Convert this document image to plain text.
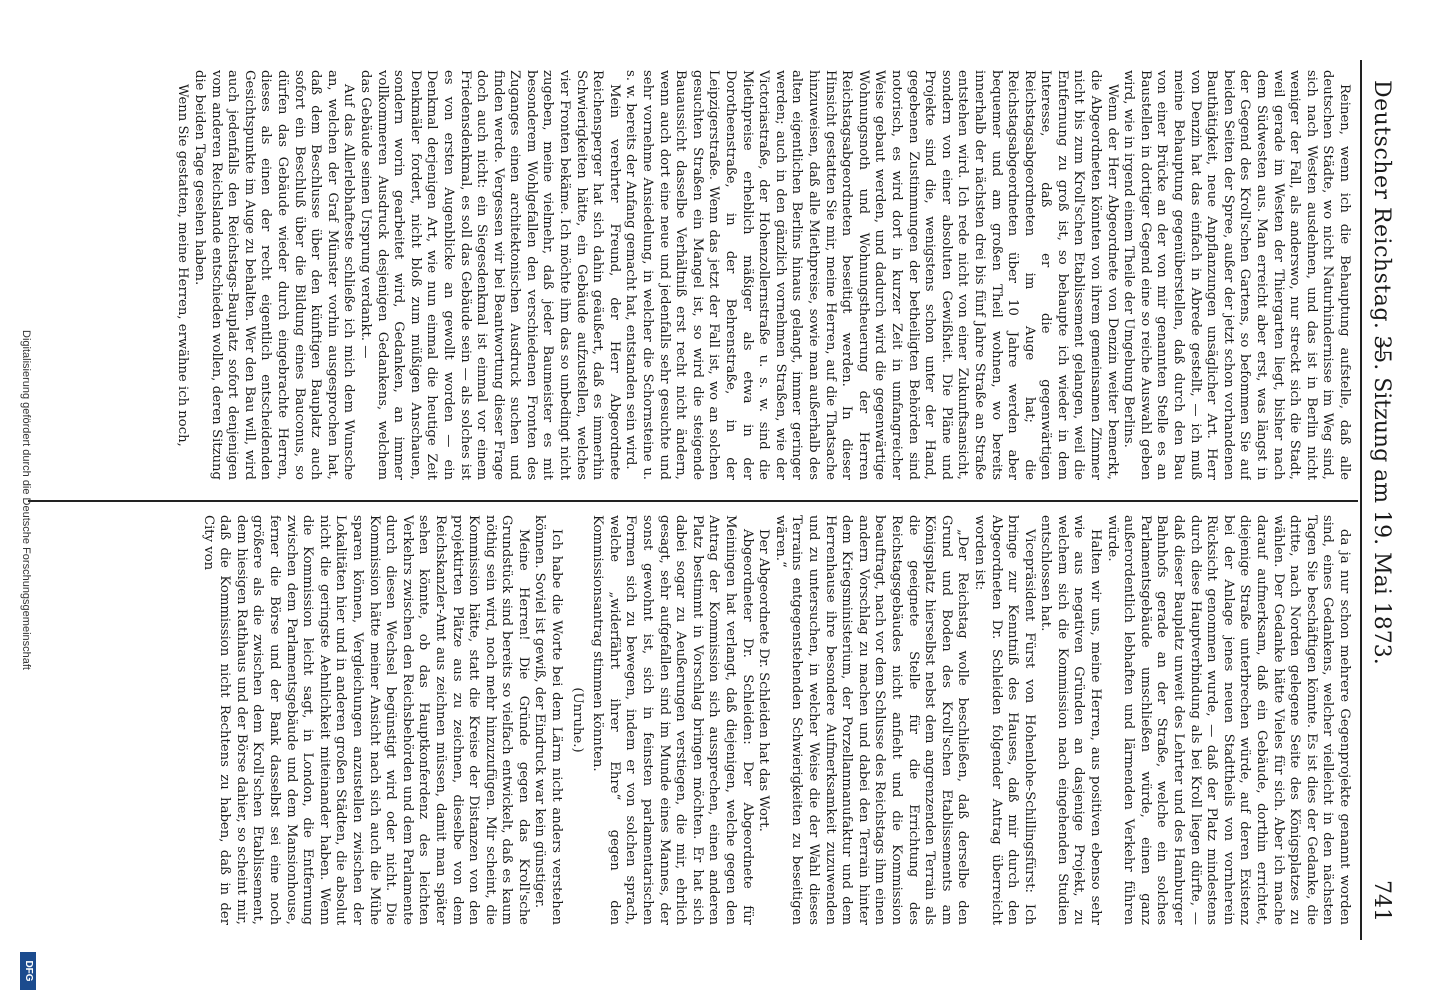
Deutscher Reichstag. —
35. Sitzung am 19. Mai 1873.
741

Reinen, wenn ich die Behauptung aufstelle, daß alle deutschen Städte, wo nicht Naturhindernisse im Weg sind, sich nach Westen ausdehnen, und das ist in Berlin nicht weniger der Fall, als anderswo, nur streckt sich die Stadt, weil gerade im Westen der Thiergarten liegt, bisher nach dem Südwesten aus. Man erreicht aber erst, was längst in der Gegend des Kroll'schen Gartens, so befommen Sie auf beiden Seiten der Spree, außer der jetzt schon vorhandenen Bauthätigkeit, neue Anpflanzungen unsäglicher Art. Herr von Denzin hat das einfach in Abrede gestellt, — ich muß meine Behauptung gegenüberstellen, daß durch den Bau von einer Brücke an der von mir genannten Stelle es an Baustellen in dortiger Gegend eine so reiche Auswahl geben wird, wie in irgend einem Theile der Umgebung Berlins.

Wenn der Herr Abgeordnete von Denzin weiter bemerkt, die Abgeordneten könnten von ihrem gemeinsamen Zimmer nicht bis zum Kroll'schen Etablissement gelangen, weil die Entfernung zu groß ist, so behaupte ich wieder in dem Interesse, daß er die gegenwärtigen Reichstagsabgeordneten im Auge hat; die Reichstagsabgeordneten über 10 Jahre werden aber bequemer und am großen Theil wohnen, wo bereits innerhalb der nächsten drei bis fünf Jahre Straße an Straße entstehen wird. Ich rede nicht von einer Zukunftsansicht, sondern von einer absoluten Gewißheit. Die Pläne und Projekte sind die, wenigstens schon unter der Hand, gegebenen Zustimmungen der betheiligten Behörden sind notorisch, es wird dort in kurzer Zeit in umfangreicher Weise gebaut werden, und dadurch wird die gegenwärtige Wohnungsnoth und Wohnungstheuerung der Herren Reichstagsabgeordneten beseitigt werden. In dieser Hinsicht gestatten Sie mir, meine Herren, auf die Thatsache hinzuweisen, daß alle Miethpreise, sowie man außerhalb des alten eigentlichen Berlins hinaus gelangt, immer geringer werden; auch in den gänzlich vornehmen Straßen, wie der Victoriastraße, der Hohenzollernstraße u. s. w. sind die Miethpreise erheblich mäßiger als etwa in der Dorotheenstraße, in der Behrenstraße, in der Leipzigerstraße. Wenn das jetzt der Fall ist, wo an solchen gesuchten Straßen ein Mangel ist, so wird die steigende Bauaussicht dasselbe Verhältniß erst recht nicht ändern, wenn auch dort eine neue und jedenfalls sehr gesuchte und sehr vornehme Ansiedelung, in welcher die Schornsteine u. s. w. bereits der Anfang gemacht hat, entstanden sein wird.

Mein verehrter Freund, der Herr Abgeordnete Reichensperger hat sich dahin geäußert, daß es immerhin Schwierigkeiten hätte, ein Gebäude aufzustellen, welches vier Fronten bekäme. Ich möchte ihm das so unbedingt nicht zugeben, meine vielmehr, daß jeder Baumeister es mit besonderem Wohlgefallen den verschiedenen Fronten des Zuganges einen architektonischen Ausdruck suchen und finden werde. Vergessen wir bei Beantwortung dieser Frage doch auch nicht: ein Siegesdenkmal ist einmal vor einem Friedensdenkmal, es soll das Gebäude sein — als solches ist es von ersten Augenblicke an gewollt worden — ein Denkmal derjenigen Art, wie nun einmal die heutige Zeit Denkmäler fordert, nicht bloß zum müßigen Anschauen, sondern worin gearbeitet wird, Gedanken, an immer vollkommeren Ausdruck desjenigen Gedankens, welchem das Gebäude seinen Ursprung verdankt. —

Auf das Allerlebhafteste schließe ich mich dem Wunsche an, welchen der Graf Münster vorhin ausgesprochen hat, daß dem Beschlusse über den künftigen Bauplatz auch sofort ein Beschluß über die Bildung eines Bauconus, so dürfen das Gebäude wieder durch eingebrachte Herren, dieses als einen der recht eigentlich entscheidenden Gesichtspunkte im Auge zu behalten. Wer den Bau will, wird auch jedenfalls den Reichstags-Bauplatz sofort denjenigen vom anderen Reichslande entschieden wollen, deren Sitzung die beiden Tage gesehen haben.

Wenn Sie gestatten, meine Herren, erwähne ich noch,

da ja nur schon mehrere Gegenprojekte genannt worden sind, eines Gedankens, welcher vielleicht in den nächsten Tagen Sie beschäftigen könnte. Es ist dies der Gedanke, die dritte, nach Norden gelegene Seite des Königsplatzes zu wählen. Der Gedanke hätte Vieles für sich. Aber ich mache darauf aufmerksam, daß ein Gebäude, dorthin errichtet, diejenige Straße unterbrechen würde, auf deren Existenz bei der Anlage jenes neuen Stadttheils von vornherein Rücksicht genommen wurde, — daß der Platz mindestens durch diese Hauptverbindung als bei Kroll liegen dürfte, — daß dieser Bauplatz unweit des Lehrter und des Hamburger Bahnhofs gerade an der Straße, welche ein solches Parlamentsgebäude umschließen würde, einen ganz außerordentlich lebhaften und lärmenden Verkehr führen würde.

Halten wir uns, meine Herren, aus positiven ebenso sehr wie aus negativen Gründen an dasjenige Projekt, zu welchem sich die Kommission nach eingehenden Studien entschlossen hat.

Vicepräsident Fürst von Hohenlohe-Schillingsfürst: Ich bringe zur Kenntniß des Hauses, daß mir durch den Abgeordneten Dr. Schleiden folgender Antrag überreicht worden ist:

„Der Reichstag wolle beschließen, daß derselbe den Grund und Boden des Kroll'schen Etablissements am Königsplatz hierselbst nebst dem angrenzenden Terrain als die geeignete Stelle für die Errichtung des Reichstagsgebäudes nicht anfieht und die Kommission beauftragt, nach vor dem Schlusse des Reichstags ihm einen andern Vorschlag zu machen und dabei den Terrain hinter dem Kriegsministerium, der Porzellanmanufaktur und dem Herrenhause ihre besondere Aufmerksamkeit zuzuwenden und zu untersuchen, in welcher Weise die der Wahl dieses Terrains entgegenstehenden Schwierigkeiten zu beseitigen wären.“

Der Abgeordnete Dr. Schleiden hat das Wort.

Abgeordneter Dr. Schleiden: Der Abgeordnete für Meiningen hat verlangt, daß diejenigen, welche gegen den Antrag der Kommission sich aussprechen, einen anderen Platz bestimmt in Vorschlag bringen möchten. Er hat sich dabei sogar zu Aeußerungen verstiegen, die mir, ehrlich gesagt, sehr aufgefallen sind im Munde eines Mannes, der sonst gewohnt ist, sich in feinsten parlamentarischen Formen sich zu bewegen, indem er von solchen sprach, welche „widerfährt ihrer Ehre“ gegen den Kommissionsantrag stimmen könnten.

(Unruhe.)

Ich habe die Worte bei dem Lärm nicht anders verstehen können. Soviel ist gewiß, der Eindruck war kein günstiger.

Meine Herren! Die Gründe gegen das Kroll'sche Grundstück sind bereits so vielfach entwickelt, daß es kaum nöthig sein wird, noch mehr hinzuzufügen. Mir scheint, die Kommission hätte, statt die Kreise der Distanzen von den projektirten Plätze aus zu zeichnen, dieselbe von dem Reichskanzler-Amt aus zeichnen müssen, damit man später sehen könnte, ob das Hauptkonferdenz des leichten Verkehrs zwischen den Reichsbehörden und dem Parlamente durch diesen Wechsel begünstigt wird oder nicht. Die Kommission hätte meiner Ansicht nach sich auch die Mühe sparen können, Vergleichungen anzustellen zwischen der Lokalitäten hier und in anderen großen Städten, die absolut nicht die geringste Aehnlichkeit miteinander haben. Wenn die Kommission leicht sagt, in London, die Entfernung zwischen dem Parlamentsgebäude und dem Mansionhouse, ferner die Börse und der Bank dasselbst sei eine noch größere als die zwischen dem Kroll'schen Etablissement, dem hiesigen Rathhaus und der Börse dahier, so scheint mir, daß die Kommission nicht Rechtens zu haben, daß in der City von

Digitalisierung gefördert durch die Deutsche Forschungsgemeinschaft
DFG
